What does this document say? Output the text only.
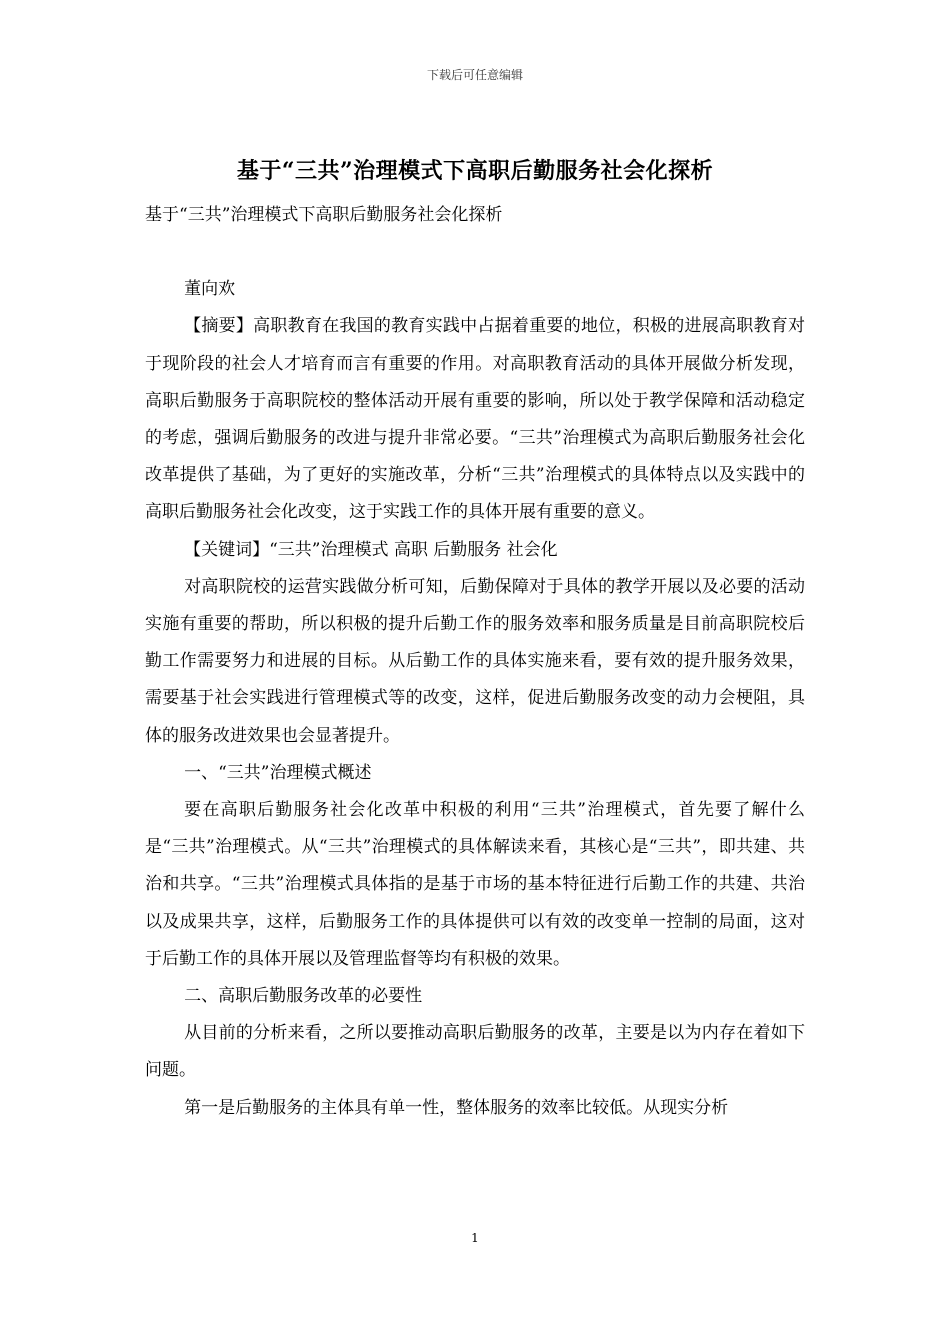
下载后可任意编辑
基于“三共”治理模式下高职后勤服务社会化探析

基于“三共”治理模式下高职后勤服务社会化探析

董向欢

【摘要】高职教育在我国的教育实践中占据着重要的地位，积极的进展高职教育对于现阶段的社会人才培育而言有重要的作用。对高职教育活动的具体开展做分析发现，高职后勤服务于高职院校的整体活动开展有重要的影响，所以处于教学保障和活动稳定的考虑，强调后勤服务的改进与提升非常必要。“三共”治理模式为高职后勤服务社会化改革提供了基础，为了更好的实施改革，分析“三共”治理模式的具体特点以及实践中的高职后勤服务社会化改变，这于实践工作的具体开展有重要的意义。

【关键词】“三共”治理模式 高职 后勤服务 社会化

对高职院校的运营实践做分析可知，后勤保障对于具体的教学开展以及必要的活动实施有重要的帮助，所以积极的提升后勤工作的服务效率和服务质量是目前高职院校后勤工作需要努力和进展的目标。从后勤工作的具体实施来看，要有效的提升服务效果，需要基于社会实践进行管理模式等的改变，这样，促进后勤服务改变的动力会梗阻，具体的服务改进效果也会显著提升。

一、“三共”治理模式概述

要在高职后勤服务社会化改革中积极的利用“三共”治理模式，首先要了解什么是“三共”治理模式。从“三共”治理模式的具体解读来看，其核心是“三共”，即共建、共治和共享。“三共”治理模式具体指的是基于市场的基本特征进行后勤工作的共建、共治以及成果共享，这样，后勤服务工作的具体提供可以有效的改变单一控制的局面，这对于后勤工作的具体开展以及管理监督等均有积极的效果。

二、高职后勤服务改革的必要性

从目前的分析来看，之所以要推动高职后勤服务的改革，主要是以为内存在着如下问题。

第一是后勤服务的主体具有单一性，整体服务的效率比较低。从现实分析

1
